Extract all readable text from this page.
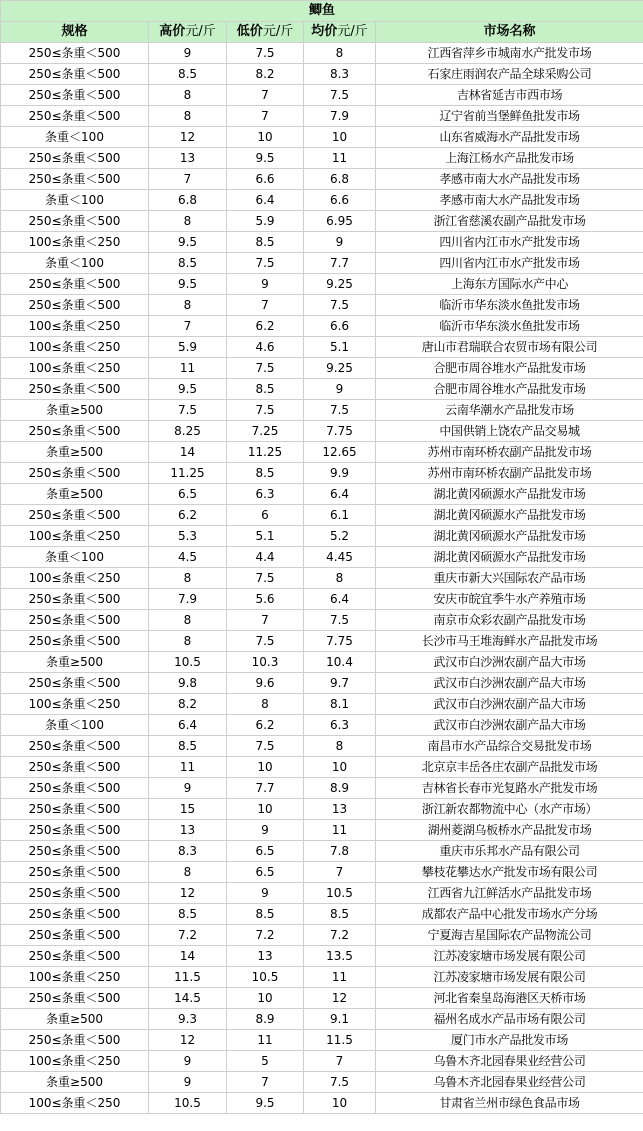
鲫鱼				
规格	高价元/斤	低价元/斤	均价元/斤	市场名称
250≤条重＜500	9	7.5	8	江西省萍乡市城南水产批发市场
250≤条重＜500	8.5	8.2	8.3	石家庄雨润农产品全球采购公司
250≤条重＜500	8	7	7.5	吉林省延吉市西市场
250≤条重＜500	8	7	7.9	辽宁省前当堡鲜鱼批发市场
条重＜100	12	10	10	山东省威海水产品批发市场
250≤条重＜500	13	9.5	11	上海江杨水产品批发市场
250≤条重＜500	7	6.6	6.8	孝感市南大水产品批发市场
条重＜100	6.8	6.4	6.6	孝感市南大水产品批发市场
250≤条重＜500	8	5.9	6.95	浙江省慈溪农副产品批发市场
100≤条重＜250	9.5	8.5	9	四川省内江市水产批发市场
条重＜100	8.5	7.5	7.7	四川省内江市水产批发市场
250≤条重＜500	9.5	9	9.25	上海东方国际水产中心
250≤条重＜500	8	7	7.5	临沂市华东淡水鱼批发市场
100≤条重＜250	7	6.2	6.6	临沂市华东淡水鱼批发市场
100≤条重＜250	5.9	4.6	5.1	唐山市君瑞联合农贸市场有限公司
100≤条重＜250	11	7.5	9.25	合肥市周谷堆水产品批发市场
250≤条重＜500	9.5	8.5	9	合肥市周谷堆水产品批发市场
条重≥500	7.5	7.5	7.5	云南华潮水产品批发市场
250≤条重＜500	8.25	7.25	7.75	中国供销上饶农产品交易城
条重≥500	14	11.25	12.65	苏州市南环桥农副产品批发市场
250≤条重＜500	11.25	8.5	9.9	苏州市南环桥农副产品批发市场
条重≥500	6.5	6.3	6.4	湖北黄冈硕源水产品批发市场
250≤条重＜500	6.2	6	6.1	湖北黄冈硕源水产品批发市场
100≤条重＜250	5.3	5.1	5.2	湖北黄冈硕源水产品批发市场
条重＜100	4.5	4.4	4.45	湖北黄冈硕源水产品批发市场
100≤条重＜250	8	7.5	8	重庆市新大兴国际农产品市场
250≤条重＜500	7.9	5.6	6.4	安庆市皖宜季牛水产养殖市场
250≤条重＜500	8	7	7.5	南京市众彩农副产品批发市场
250≤条重＜500	8	7.5	7.75	长沙市马王堆海鲜水产品批发市场
条重≥500	10.5	10.3	10.4	武汉市白沙洲农副产品大市场
250≤条重＜500	9.8	9.6	9.7	武汉市白沙洲农副产品大市场
100≤条重＜250	8.2	8	8.1	武汉市白沙洲农副产品大市场
条重＜100	6.4	6.2	6.3	武汉市白沙洲农副产品大市场
250≤条重＜500	8.5	7.5	8	南昌市水产品综合交易批发市场
250≤条重＜500	11	10	10	北京京丰岳各庄农副产品批发市场
250≤条重＜500	9	7.7	8.9	吉林省长春市光复路水产批发市场
250≤条重＜500	15	10	13	浙江新农都物流中心（水产市场）
250≤条重＜500	13	9	11	湖州菱湖乌板桥水产品批发市场
250≤条重＜500	8.3	6.5	7.8	重庆市乐邦水产品有限公司
250≤条重＜500	8	6.5	7	攀枝花攀达水产批发市场有限公司
250≤条重＜500	12	9	10.5	江西省九江鲜活水产品批发市场
250≤条重＜500	8.5	8.5	8.5	成都农产品中心批发市场水产分场
250≤条重＜500	7.2	7.2	7.2	宁夏海吉星国际农产品物流公司
250≤条重＜500	14	13	13.5	江苏凌家塘市场发展有限公司
100≤条重＜250	11.5	10.5	11	江苏凌家塘市场发展有限公司
250≤条重＜500	14.5	10	12	河北省秦皇岛海港区天桥市场
条重≥500	9.3	8.9	9.1	福州名成水产品市场有限公司
250≤条重＜500	12	11	11.5	厦门市水产品批发市场
100≤条重＜250	9	5	7	乌鲁木齐北园春果业经营公司
条重≥500	9	7	7.5	乌鲁木齐北园春果业经营公司
100≤条重＜250	10.5	9.5	10	甘肃省兰州市绿色食品市场
